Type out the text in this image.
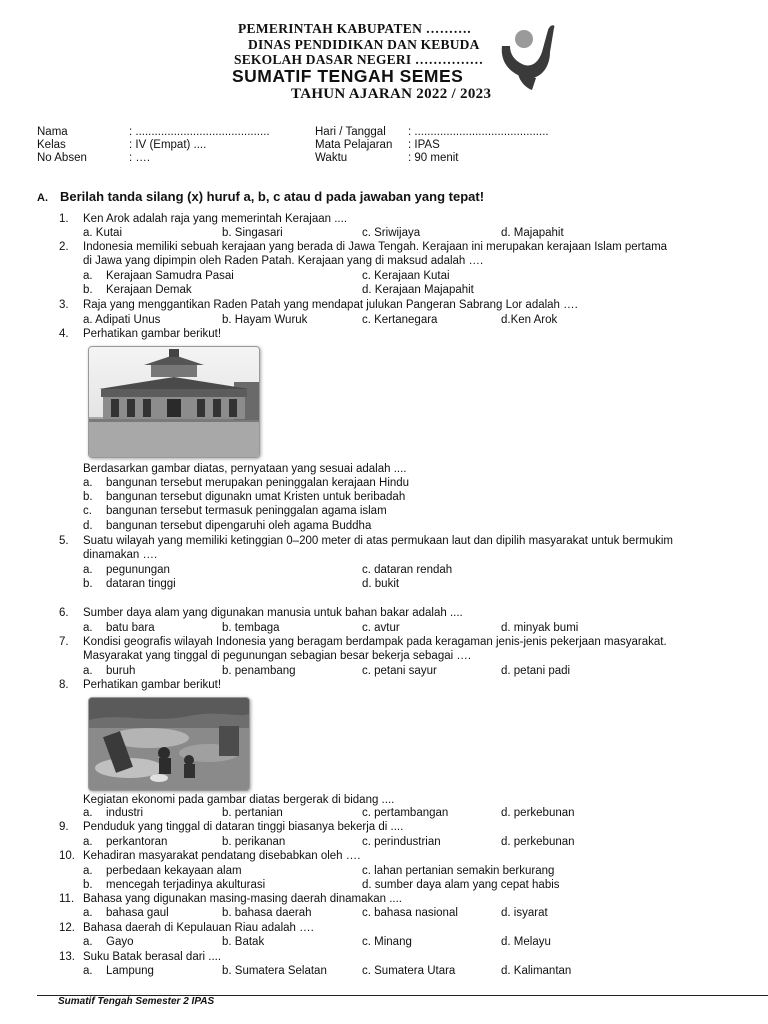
PEMERINTAH KABUPATEN ……….
DINAS PENDIDIKAN DAN KEBUDA
SEKOLAH DASAR NEGERI ……………
SUMATIF TENGAH SEMES
TAHUN AJARAN 2022 / 2023
Nama	: ..........................................
Kelas	: IV (Empat) ....
No Absen	: ….
Hari / Tanggal : ..........................................
Mata Pelajaran : IPAS
Waktu	: 90 menit
A. Berilah tanda silang (x) huruf a, b, c atau d pada jawaban yang tepat!
1. Ken Arok adalah raja yang memerintah Kerajaan ....
a. Kutai	b. Singasari	c. Sriwijaya	d. Majapahit
2. Indonesia memiliki sebuah kerajaan yang berada di Jawa Tengah. Kerajaan ini merupakan kerajaan Islam pertama
di Jawa yang dipimpin oleh Raden Patah. Kerajaan yang di maksud adalah ….
a. Kerajaan Samudra Pasai	c. Kerajaan Kutai
b. Kerajaan Demak	d. Kerajaan Majapahit
3. Raja yang menggantikan Raden Patah yang mendapat julukan Pangeran Sabrang Lor adalah ….
a. Adipati Unus	b. Hayam Wuruk	c. Kertanegara	d.Ken Arok
4. Perhatikan gambar berikut!
Berdasarkan gambar diatas, pernyataan yang sesuai adalah ....
a. bangunan tersebut merupakan peninggalan kerajaan Hindu
b. bangunan tersebut digunakn umat Kristen untuk beribadah
c. bangunan tersebut termasuk peninggalan agama islam
d. bangunan tersebut dipengaruhi oleh agama Buddha
5. Suatu wilayah yang memiliki ketinggian 0–200 meter di atas permukaan laut dan dipilih masyarakat untuk bermukim
dinamakan ….
a. pegunungan	c. dataran rendah
b. dataran tinggi	d. bukit
6. Sumber daya alam yang digunakan manusia untuk bahan bakar adalah ....
a. batu bara	b. tembaga	c. avtur	d. minyak bumi
7. Kondisi geografis wilayah Indonesia yang beragam berdampak pada keragaman jenis-jenis pekerjaan masyarakat.
Masyarakat yang tinggal di pegunungan sebagian besar bekerja sebagai ….
a. buruh	b. penambang	c. petani sayur	d. petani padi
8. Perhatikan gambar berikut!
Kegiatan ekonomi pada gambar diatas bergerak di bidang ....
a. industri	b. pertanian	c. pertambangan	d. perkebunan
9. Penduduk yang tinggal di dataran tinggi biasanya bekerja di ....
a. perkantoran	b. perikanan	c. perindustrian	d. perkebunan
10. Kehadiran masyarakat pendatang disebabkan oleh ….
a. perbedaan kekayaan alam	c. lahan pertanian semakin berkurang
b. mencegah terjadinya akulturasi	d. sumber daya alam yang cepat habis
11. Bahasa yang digunakan masing-masing daerah dinamakan ....
a. bahasa gaul	b. bahasa daerah	c. bahasa nasional	d. isyarat
12. Bahasa daerah di Kepulauan Riau adalah ….
a. Gayo	b. Batak	c. Minang	d. Melayu
13. Suku Batak berasal dari ....
a. Lampung	b. Sumatera Selatan	c. Sumatera Utara	d. Kalimantan
Sumatif Tengah Semester 2 IPAS
